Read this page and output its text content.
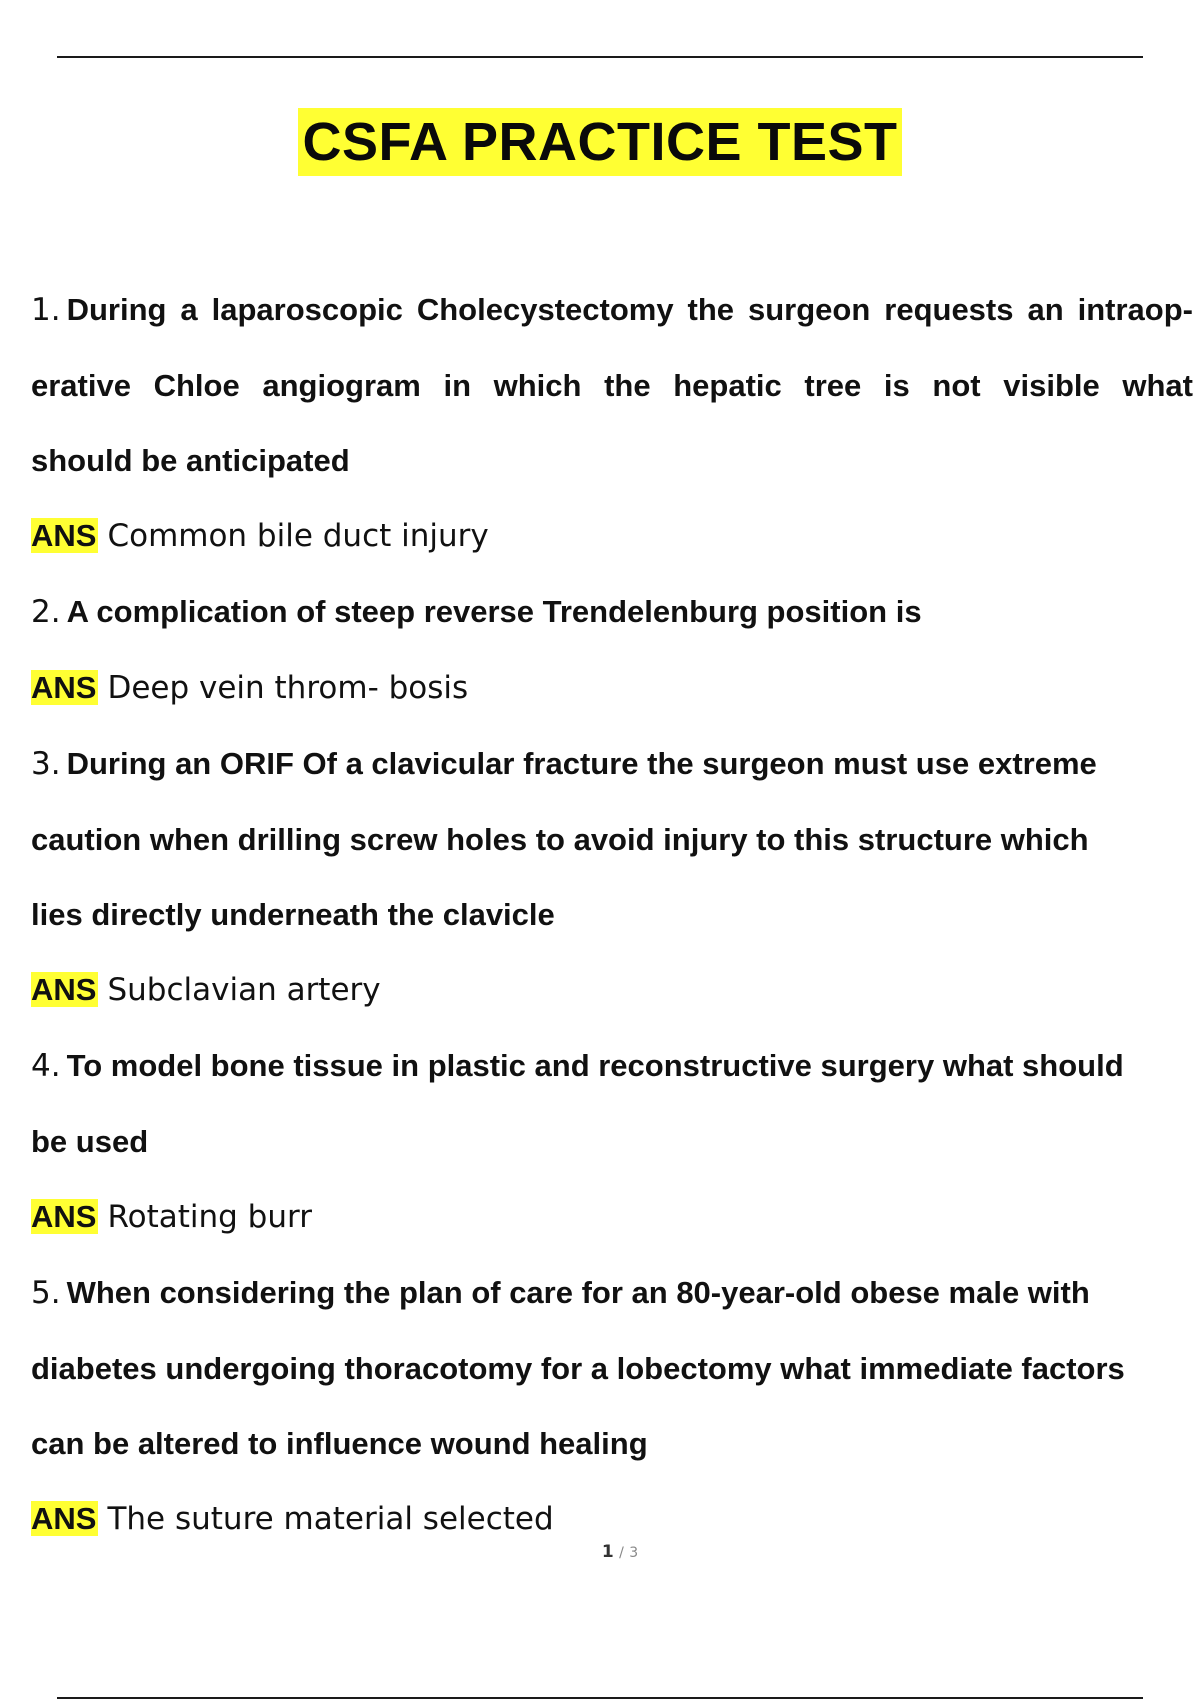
CSFA PRACTICE TEST

1. During a laparoscopic Cholecystectomy the surgeon requests an intraop-

erative Chloe angiogram in which the hepatic tree is not visible what

should be anticipated

ANS Common bile duct injury

2. A complication of steep reverse Trendelenburg position is

ANS Deep vein throm- bosis

3. During an ORIF Of a clavicular fracture the surgeon must use extreme

caution when drilling screw holes to avoid injury to this structure which

lies directly underneath the clavicle

ANS Subclavian artery

4. To model bone tissue in plastic and reconstructive surgery what should

be used

ANS Rotating burr

5. When considering the plan of care for an 80-year-old obese male with

diabetes undergoing thoracotomy for a lobectomy what immediate factors

can be altered to influence wound healing

ANS The suture material selected

1 / 3
